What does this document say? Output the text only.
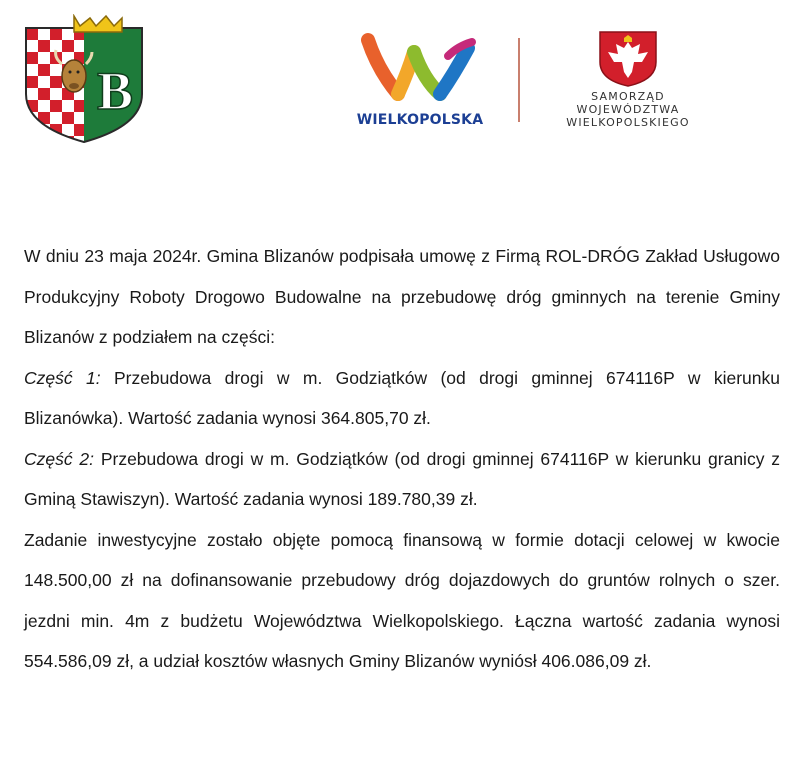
B	WIELKOPOLSKA
SAMORZĄD
WOJEWÓDZTWA
WIELKOPOLSKIEGO

W dniu 23 maja 2024r. Gmina Blizanów podpisała umowę z Firmą ROL-DRÓG Zakład Usługowo Produkcyjny Roboty Drogowo Budowalne na przebudowę dróg gminnych na terenie Gminy Blizanów z podziałem na części:

Część 1: Przebudowa drogi w m. Godziątków (od drogi gminnej 674116P w kierunku Blizanówka). Wartość zadania wynosi 364.805,70 zł.

Część 2: Przebudowa drogi w m. Godziątków (od drogi gminnej 674116P w kierunku granicy z Gminą Stawiszyn). Wartość zadania wynosi 189.780,39 zł.

Zadanie inwestycyjne zostało objęte pomocą finansową w formie dotacji celowej w kwocie 148.500,00 zł na dofinansowanie przebudowy dróg dojazdowych do gruntów rolnych o szer. jezdni min. 4m z budżetu Województwa Wielkopolskiego. Łączna wartość zadania wynosi 554.586,09 zł, a udział kosztów własnych Gminy Blizanów wyniósł 406.086,09 zł.
